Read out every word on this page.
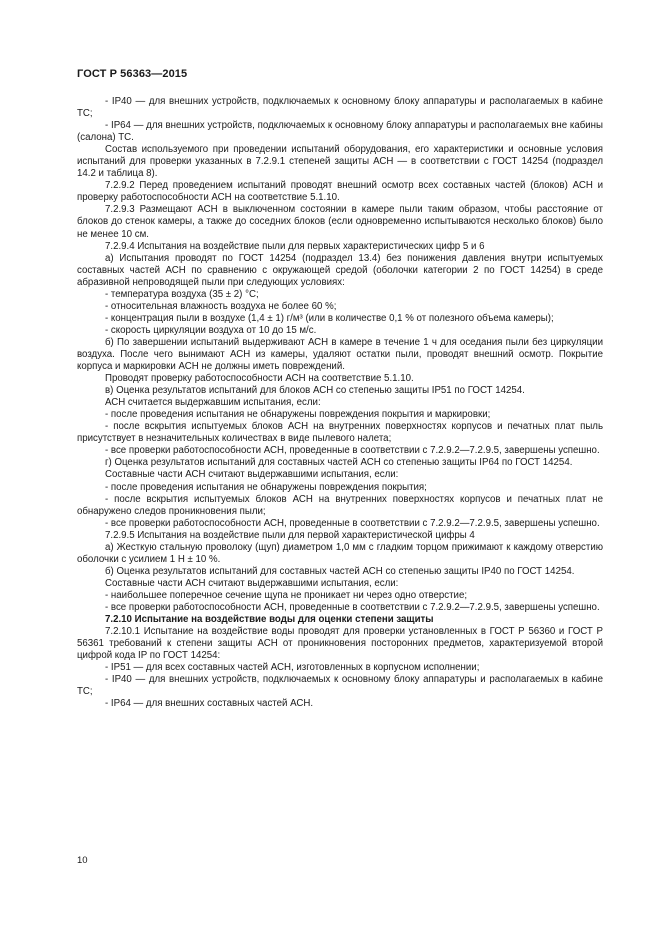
ГОСТ Р 56363—2015

- IP40 — для внешних устройств, подключаемых к основному блоку аппаратуры и располагаемых в кабине ТС;

- IP64 — для внешних устройств, подключаемых к основному блоку аппаратуры и располагаемых вне кабины (салона) ТС.

Состав используемого при проведении испытаний оборудования, его характеристики и основные условия испытаний для проверки указанных в 7.2.9.1 степеней защиты АСН — в соответствии с ГОСТ 14254 (подраздел 14.2 и таблица 8).

7.2.9.2 Перед проведением испытаний проводят внешний осмотр всех составных частей (блоков) АСН и проверку работоспособности АСН на соответствие 5.1.10.

7.2.9.3 Размещают АСН в выключенном состоянии в камере пыли таким образом, чтобы расстояние от блоков до стенок камеры, а также до соседних блоков (если одновременно испытываются несколько блоков) было не менее 10 см.

7.2.9.4 Испытания на воздействие пыли для первых характеристических цифр 5 и 6

а) Испытания проводят по ГОСТ 14254 (подраздел 13.4) без понижения давления внутри испытуемых составных частей АСН по сравнению с окружающей средой (оболочки категории 2 по ГОСТ 14254) в среде абразивной непроводящей пыли при следующих условиях:

- температура воздуха (35 ± 2) °С;

- относительная влажность воздуха не более 60 %;

- концентрация пыли в воздухе (1,4 ± 1) г/м³ (или в количестве 0,1 % от полезного объема камеры);

- скорость циркуляции воздуха от 10 до 15 м/с.

б) По завершении испытаний выдерживают АСН в камере в течение 1 ч для оседания пыли без циркуляции воздуха. После чего вынимают АСН из камеры, удаляют остатки пыли, проводят внешний осмотр. Покрытие корпуса и маркировки АСН не должны иметь повреждений.

Проводят проверку работоспособности АСН на соответствие 5.1.10.

в) Оценка результатов испытаний для блоков АСН со степенью защиты IP51 по ГОСТ 14254.

АСН считается выдержавшим испытания, если:

- после проведения испытания не обнаружены повреждения покрытия и маркировки;

- после вскрытия испытуемых блоков АСН на внутренних поверхностях корпусов и печатных плат пыль присутствует в незначительных количествах в виде пылевого налета;

- все проверки работоспособности АСН, проведенные в соответствии с 7.2.9.2—7.2.9.5, завершены успешно.

г) Оценка результатов испытаний для составных частей АСН со степенью защиты IP64 по ГОСТ 14254.

Составные части АСН считают выдержавшими испытания, если:

- после проведения испытания не обнаружены повреждения покрытия;

- после вскрытия испытуемых блоков АСН на внутренних поверхностях корпусов и печатных плат не обнаружено следов проникновения пыли;

- все проверки работоспособности АСН, проведенные в соответствии с 7.2.9.2—7.2.9.5, завершены успешно.

7.2.9.5 Испытания на воздействие пыли для первой характеристической цифры 4

а) Жесткую стальную проволоку (щуп) диаметром 1,0 мм с гладким торцом прижимают к каждому отверстию оболочки с усилием 1 Н ± 10 %.

б) Оценка результатов испытаний для составных частей АСН со степенью защиты IP40 по ГОСТ 14254.

Составные части АСН считают выдержавшими испытания, если:

- наибольшее поперечное сечение щупа не проникает ни через одно отверстие;

- все проверки работоспособности АСН, проведенные в соответствии с 7.2.9.2—7.2.9.5, завершены успешно.

7.2.10 Испытание на воздействие воды для оценки степени защиты

7.2.10.1 Испытание на воздействие воды проводят для проверки установленных в ГОСТ Р 56360 и ГОСТ Р 56361 требований к степени защиты АСН от проникновения посторонних предметов, характеризуемой второй цифрой кода IP по ГОСТ 14254:

- IP51 — для всех составных частей АСН, изготовленных в корпусном исполнении;

- IP40 — для внешних устройств, подключаемых к основному блоку аппаратуры и располагаемых в кабине ТС;

- IP64 — для внешних составных частей АСН.

10
